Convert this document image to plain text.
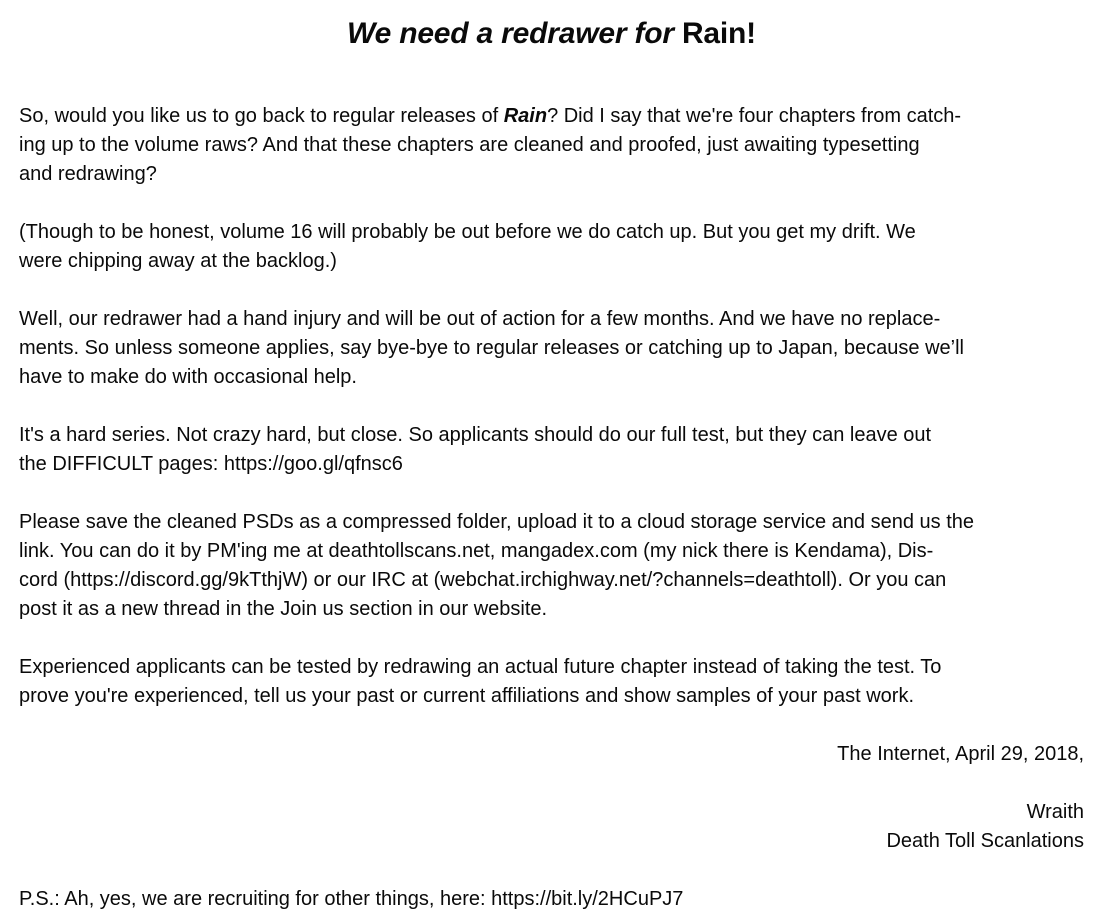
We need a redrawer for Rain!
So, would you like us to go back to regular releases of Rain? Did I say that we're four chapters from catch-
ing up to the volume raws? And that these chapters are cleaned and proofed, just awaiting typesetting
and redrawing?
(Though to be honest, volume 16 will probably be out before we do catch up. But you get my drift. We
were chipping away at the backlog.)
Well, our redrawer had a hand injury and will be out of action for a few months. And we have no replace-
ments. So unless someone applies, say bye-bye to regular releases or catching up to Japan, because we’ll
have to make do with occasional help.
It's a hard series. Not crazy hard, but close. So applicants should do our full test, but they can leave out
the DIFFICULT pages: https://goo.gl/qfnsc6
Please save the cleaned PSDs as a compressed folder, upload it to a cloud storage service and send us the
link. You can do it by PM'ing me at deathtollscans.net, mangadex.com (my nick there is Kendama), Dis-
cord (https://discord.gg/9kTthjW) or our IRC at (webchat.irchighway.net/?channels=deathtoll). Or you can
post it as a new thread in the Join us section in our website.
Experienced applicants can be tested by redrawing an actual future chapter instead of taking the test. To
prove you're experienced, tell us your past or current affiliations and show samples of your past work.
The Internet, April 29, 2018,
Wraith
Death Toll Scanlations
P.S.: Ah, yes, we are recruiting for other things, here: https://bit.ly/2HCuPJ7
